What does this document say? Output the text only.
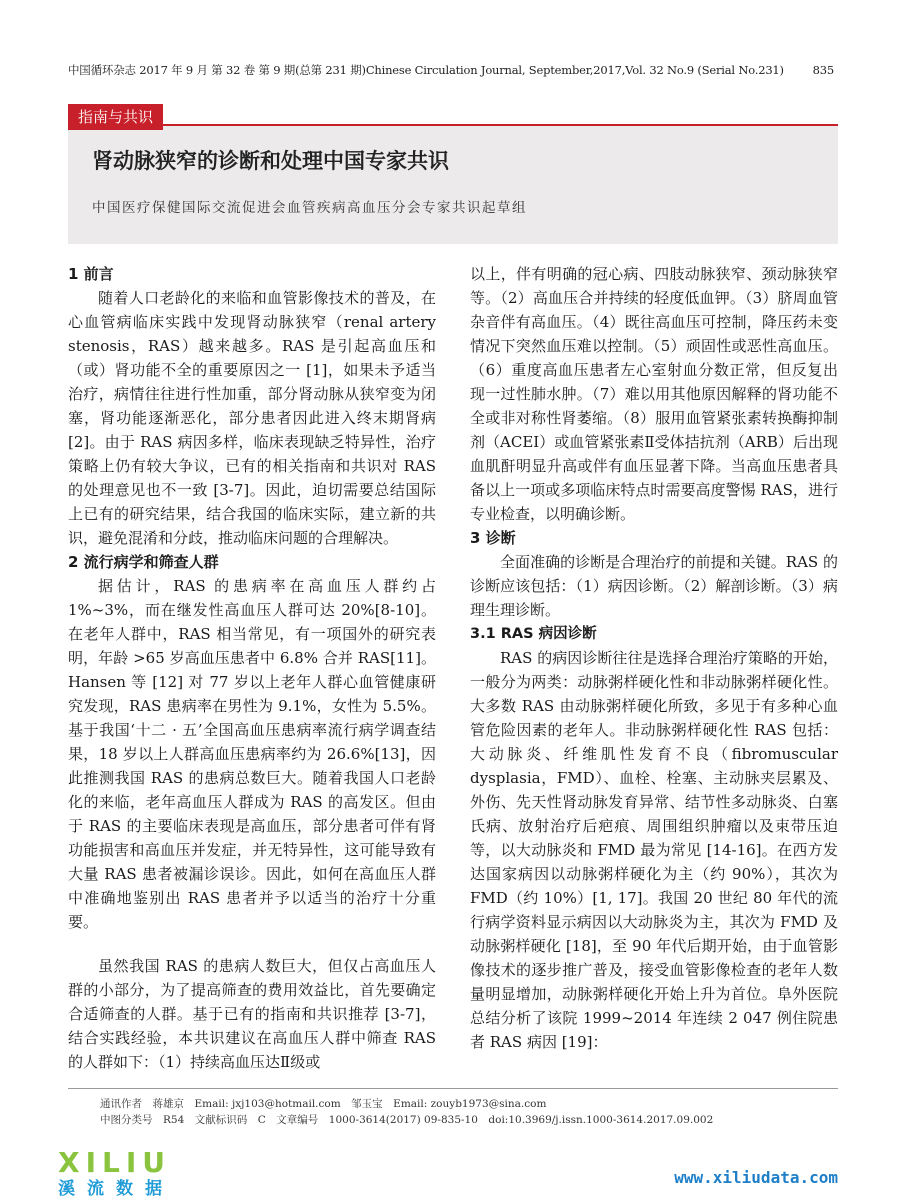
中国循环杂志 2017 年 9 月 第 32 卷 第 9 期(总第 231 期)Chinese Circulation Journal, September,2017,Vol. 32 No.9 (Serial No.231)	835
指南与共识
肾动脉狭窄的诊断和处理中国专家共识
中国医疗保健国际交流促进会血管疾病高血压分会专家共识起草组
1 前言

随着人口老龄化的来临和血管影像技术的普及，在心血管病临床实践中发现肾动脉狭窄（renal artery stenosis，RAS）越来越多。RAS 是引起高血压和（或）肾功能不全的重要原因之一 [1]，如果未予适当治疗，病情往往进行性加重，部分肾动脉从狭窄变为闭塞，肾功能逐渐恶化，部分患者因此进入终末期肾病 [2]。由于 RAS 病因多样，临床表现缺乏特异性，治疗策略上仍有较大争议，已有的相关指南和共识对 RAS 的处理意见也不一致 [3-7]。因此，迫切需要总结国际上已有的研究结果，结合我国的临床实际，建立新的共识，避免混淆和分歧，推动临床问题的合理解决。

2 流行病学和筛查人群

据估计，RAS 的患病率在高血压人群约占1%~3%，而在继发性高血压人群可达 20%[8-10]。在老年人群中，RAS 相当常见，有一项国外的研究表明，年龄 >65 岁高血压患者中 6.8% 合并 RAS[11]。Hansen 等 [12] 对 77 岁以上老年人群心血管健康研究发现，RAS 患病率在男性为 9.1%，女性为 5.5%。基于我国‘十二 · 五’全国高血压患病率流行病学调查结果，18 岁以上人群高血压患病率约为 26.6%[13]，因此推测我国 RAS 的患病总数巨大。随着我国人口老龄化的来临，老年高血压人群成为 RAS 的高发区。但由于 RAS 的主要临床表现是高血压，部分患者可伴有肾功能损害和高血压并发症，并无特异性，这可能导致有大量 RAS 患者被漏诊误诊。因此，如何在高血压人群中准确地鉴别出 RAS 患者并予以适当的治疗十分重要。

虽然我国 RAS 的患病人数巨大，但仅占高血压人群的小部分，为了提高筛查的费用效益比，首先要确定合适筛查的人群。基于已有的指南和共识推荐 [3-7]，结合实践经验，本共识建议在高血压人群中筛查 RAS 的人群如下：（1）持续高血压达Ⅱ级或

以上，伴有明确的冠心病、四肢动脉狭窄、颈动脉狭窄等。（2）高血压合并持续的轻度低血钾。（3）脐周血管杂音伴有高血压。（4）既往高血压可控制，降压药未变情况下突然血压难以控制。（5）顽固性或恶性高血压。（6）重度高血压患者左心室射血分数正常，但反复出现一过性肺水肿。（7）难以用其他原因解释的肾功能不全或非对称性肾萎缩。（8）服用血管紧张素转换酶抑制剂（ACEI）或血管紧张素Ⅱ受体拮抗剂（ARB）后出现血肌酐明显升高或伴有血压显著下降。当高血压患者具备以上一项或多项临床特点时需要高度警惕 RAS，进行专业检查，以明确诊断。

3 诊断

全面准确的诊断是合理治疗的前提和关键。RAS 的诊断应该包括：（1）病因诊断。（2）解剖诊断。（3）病理生理诊断。

3.1 RAS 病因诊断

RAS 的病因诊断往往是选择合理治疗策略的开始，一般分为两类：动脉粥样硬化性和非动脉粥样硬化性。大多数 RAS 由动脉粥样硬化所致，多见于有多种心血管危险因素的老年人。非动脉粥样硬化性 RAS 包括：大动脉炎、纤维肌性发育不良（fibromuscular dysplasia，FMD）、血栓、栓塞、主动脉夹层累及、外伤、先天性肾动脉发育异常、结节性多动脉炎、白塞氏病、放射治疗后疤痕、周围组织肿瘤以及束带压迫等，以大动脉炎和 FMD 最为常见 [14-16]。在西方发达国家病因以动脉粥样硬化为主（约 90%），其次为 FMD（约 10%）[1, 17]。我国 20 世纪 80 年代的流行病学资料显示病因以大动脉炎为主，其次为 FMD 及动脉粥样硬化 [18]，至 90 年代后期开始，由于血管影像技术的逐步推广普及，接受血管影像检查的老年人数量明显增加，动脉粥样硬化开始上升为首位。阜外医院总结分析了该院 1999~2014 年连续 2 047 例住院患者 RAS 病因 [19]：

通讯作者　蒋雄京　Email: jxj103@hotmail.com　邹玉宝　Email: zouyb1973@sina.com
中图分类号　R54　文献标识码　C　文章编号　1000-3614(2017) 09-835-10　doi:10.3969/j.issn.1000-3614.2017.09.002
XILIU
溪流数据
www.xiliudata.com
